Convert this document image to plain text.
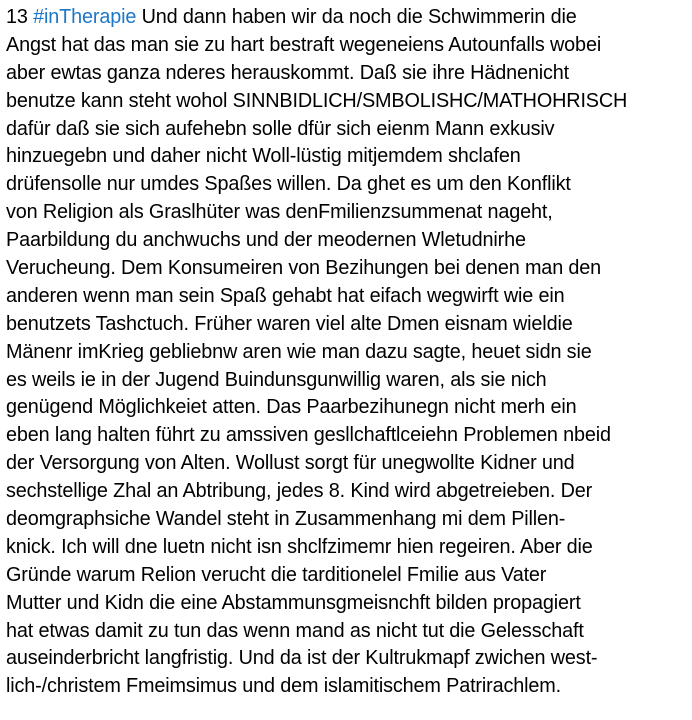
13 #inTherapie Und dann haben wir da noch die Schwimmerin die
Angst hat das man sie zu hart bestraft wegeneiens Autounfalls wobei
aber ewtas ganza nderes herauskommt. Daß sie ihre Hädnenicht
benutze kann steht wohol SINNBIDLICH/SMBOLISHC/MATHOHRISCH
dafür daß sie sich aufehebn solle dfür sich eienm Mann exkusiv
hinzuegebn und daher nicht Woll-lüstig mitjemdem shclafen
drüfensolle nur umdes Spaßes willen. Da ghet es um den Konflikt
von Religion als Graslhüter was denFmilienzsummenat nageht,
Paarbildung du anchwuchs und der meodernen Wletudnirhe
Verucheung. Dem Konsumeiren von Bezihungen bei denen man den
anderen wenn man sein Spaß gehabt hat eifach wegwirft wie ein
benutzets Tashctuch. Früher waren viel alte Dmen eisnam wieldie
Mänenr imKrieg gebliebnw aren wie man dazu sagte, heuet sidn sie
es weils ie in der Jugend Buindunsgunwillig waren, als sie nich
genügend Möglichkeiet atten. Das Paarbezihunegn nicht merh ein
eben lang halten führt zu amssiven gesllchaftlceiehn Problemen nbeid
der Versorgung von Alten. Wollust sorgt für unegwollte Kidner und
sechstellige Zhal an Abtribung, jedes 8. Kind wird abgetreieben. Der
deomgraphsiche Wandel steht in Zusammenhang mi dem Pillen-
knick. Ich will dne luetn nicht isn shclfzimemr hien regeiren. Aber die
Gründe warum Relion verucht die tarditionelel Fmilie aus Vater
Mutter und Kidn die eine Abstammunsgmeisnchft bilden propagiert
hat etwas damit zu tun das wenn mand as nicht tut die Gelesschaft
auseinderbricht langfristig. Und da ist der Kultrukmapf zwichen west-
lich-/christem Fmeimsimus und dem islamitischem Patrirachlem.
